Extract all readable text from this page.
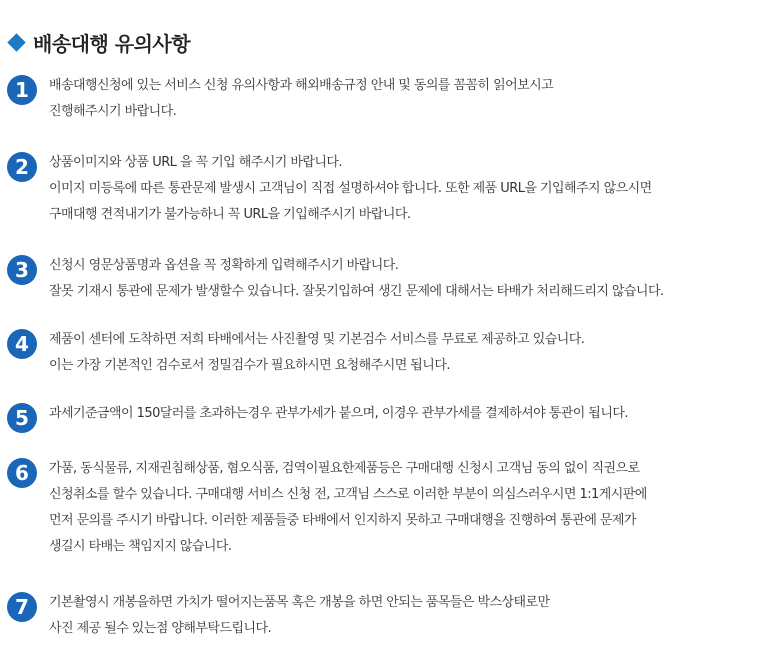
배송대행 유의사항
1	배송대행신청에 있는 서비스 신청 유의사항과 해외배송규정 안내 및 동의를 꼼꼼히 읽어보시고
진행해주시기 바랍니다.
2	상품이미지와 상품 URL 을 꼭 기입 해주시기 바랍니다.
이미지 미등록에 따른 통관문제 발생시 고객님이 직접 설명하셔야 합니다. 또한 제품 URL을 기입해주지 않으시면
구매대행 견적내기가 불가능하니 꼭 URL을 기입해주시기 바랍니다.
3	신청시 영문상품명과 옵션을 꼭 정확하게 입력해주시기 바랍니다.
잘못 기재시 통관에 문제가 발생할수 있습니다. 잘못기입하여 생긴 문제에 대해서는 타배가 처리해드리지 않습니다.
4	제품이 센터에 도착하면 저희 타배에서는 사진촬영 및 기본검수 서비스를 무료로 제공하고 있습니다.
이는 가장 기본적인 검수로서 정밀검수가 필요하시면 요청해주시면 됩니다.
5	과세기준금액이 150달러를 초과하는경우 관부가세가 붙으며, 이경우 관부가세를 결제하셔야 통관이 됩니다.
6	가품, 동식물류, 지재권침해상품, 혐오식품, 검역이필요한제품등은 구매대행 신청시 고객님 동의 없이 직권으로
신청취소를 할수 있습니다. 구매대행 서비스 신청 전, 고객님 스스로 이러한 부분이 의심스러우시면 1:1게시판에
먼저 문의를 주시기 바랍니다. 이러한 제품들중 타배에서 인지하지 못하고 구매대행을 진행하여 통관에 문제가
생길시 타배는 책임지지 않습니다.
7	기본촬영시 개봉을하면 가치가 떨어지는품목 혹은 개봉을 하면 안되는 품목들은 박스상태로만
사진 제공 될수 있는점 양해부탁드립니다.
